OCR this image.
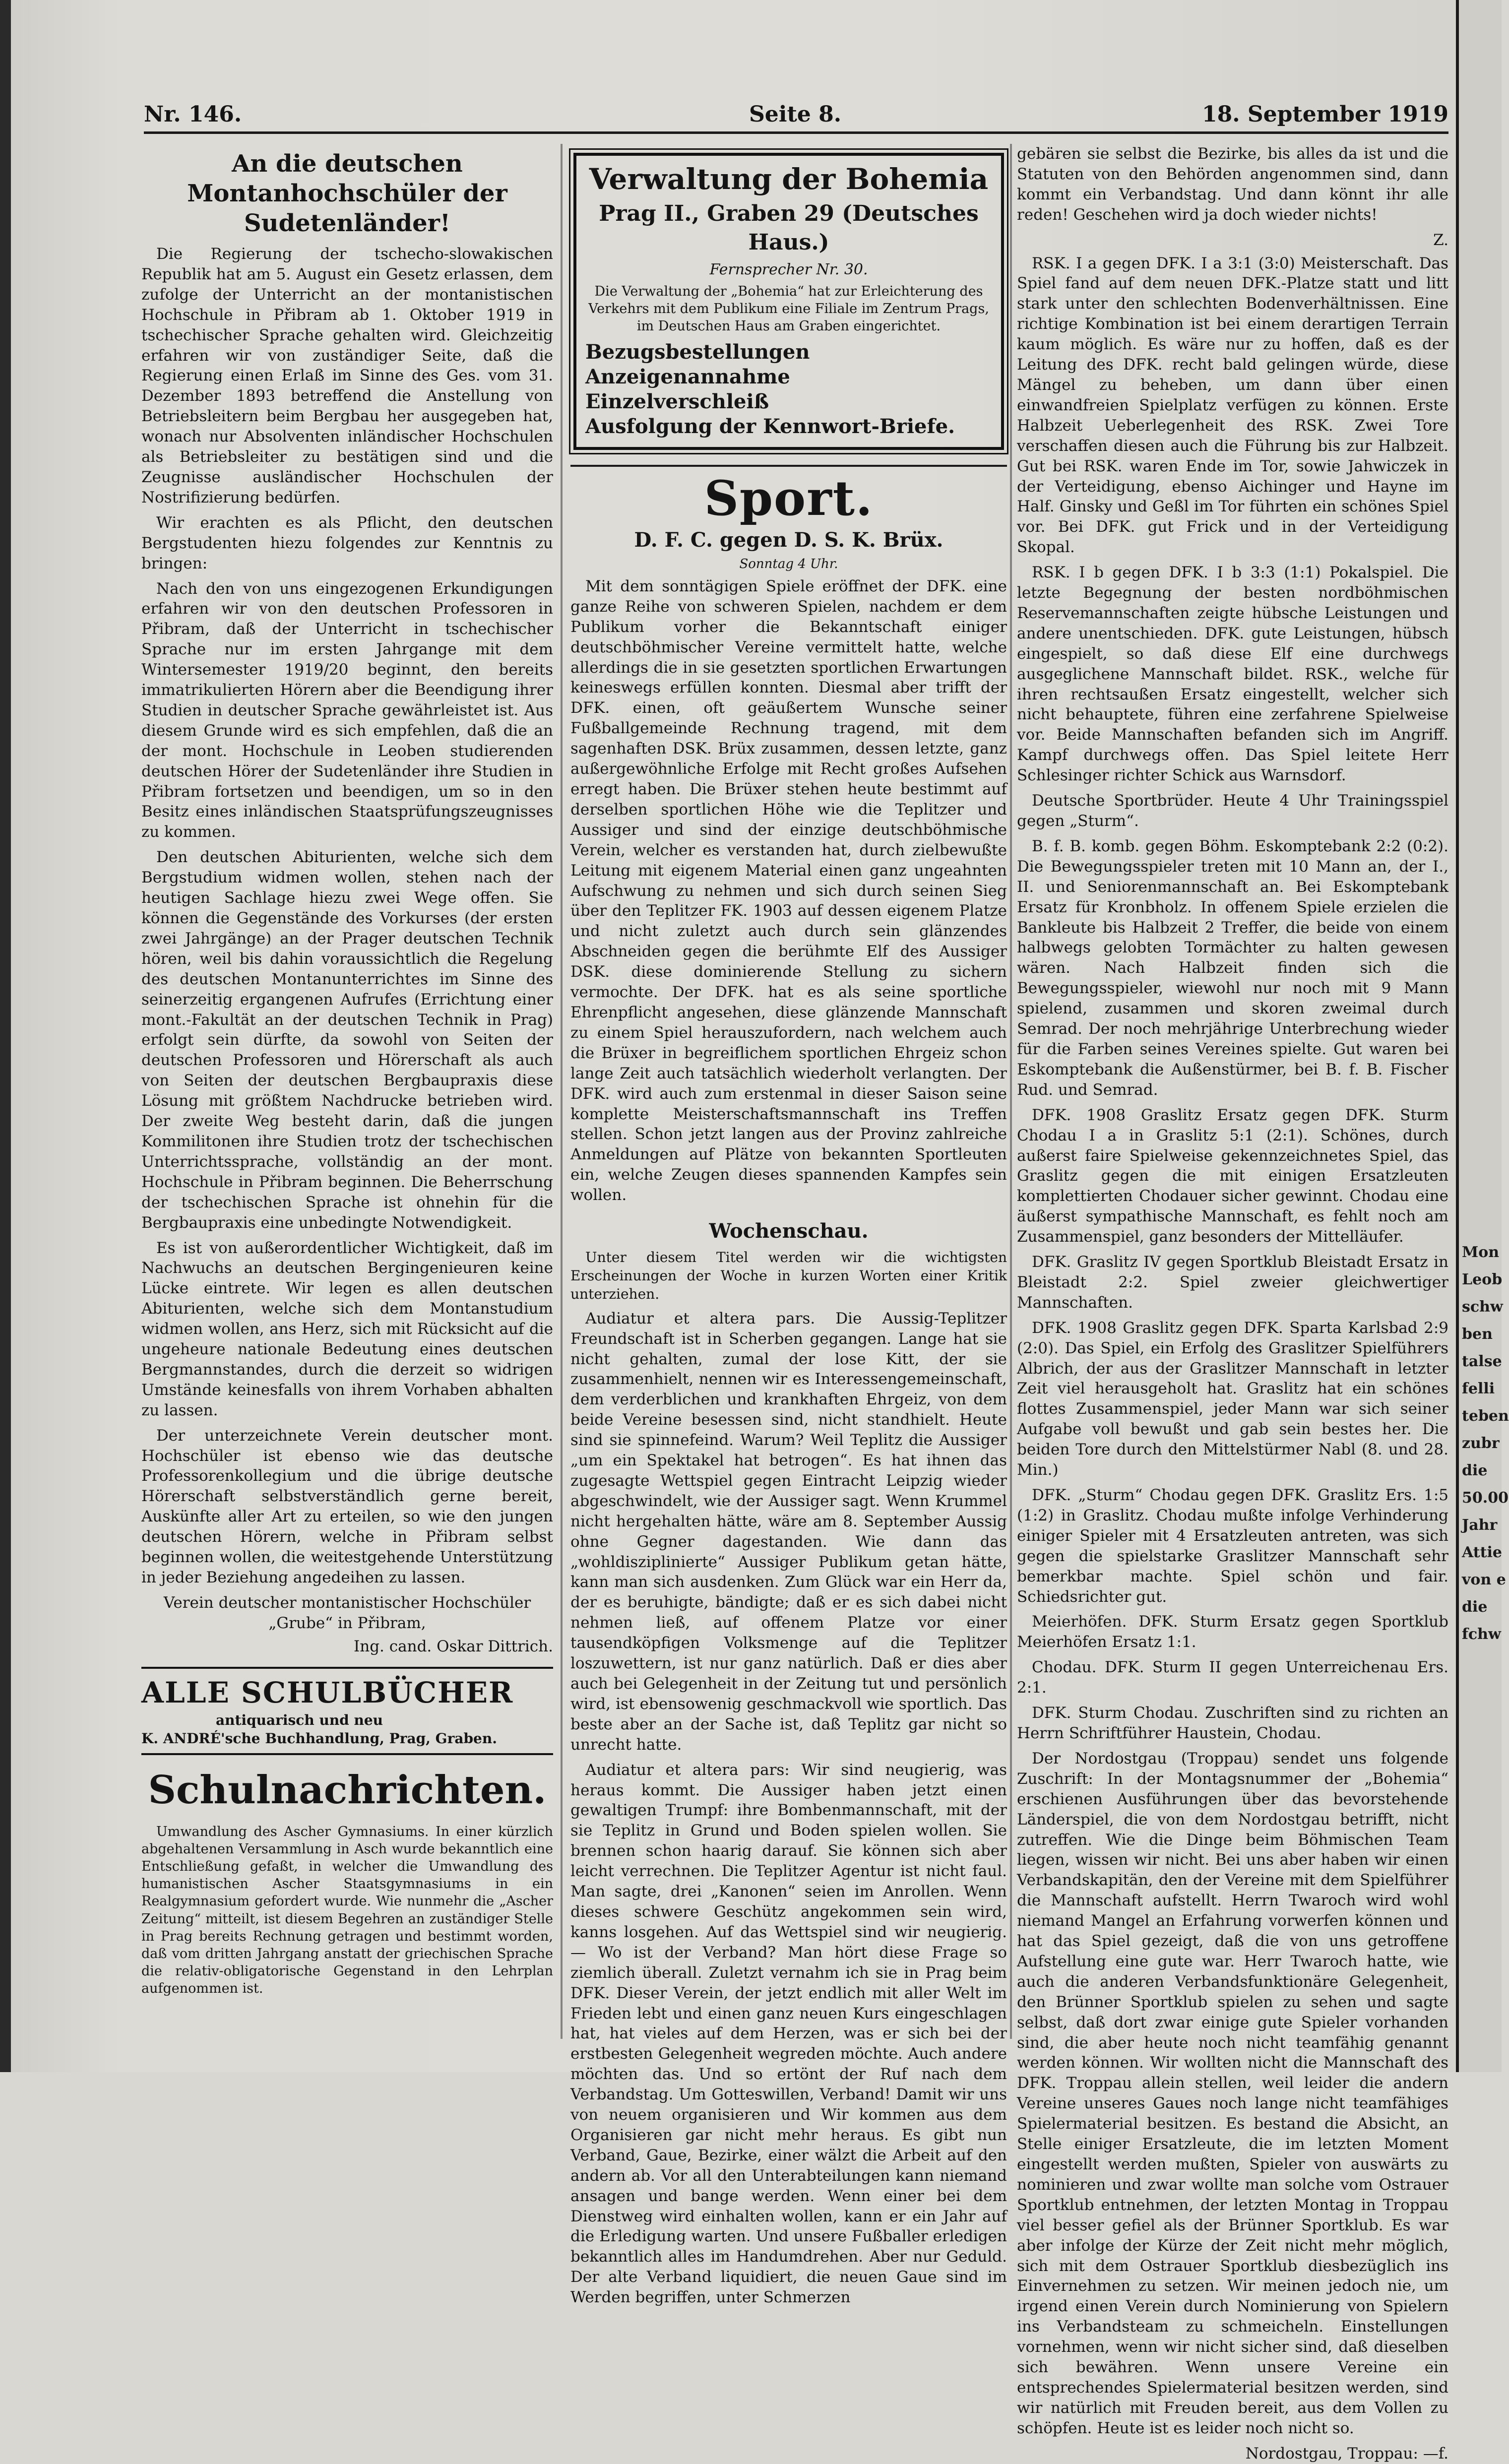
Mon
Leob
schw
ben
talse
felli
teben
zubr
die
50.00
Jahr
Attie
von e
die
fchw
Nr. 146.	Seite 8.	18. September 1919
An die deutschen Montanhochschüler der Sudetenländer!

Die Regierung der tschecho-slowakischen Republik hat am 5. August ein Gesetz erlassen, dem zufolge der Unterricht an der montanistischen Hochschule in Přibram ab 1. Oktober 1919 in tschechischer Sprache gehalten wird. Gleichzeitig erfahren wir von zuständiger Seite, daß die Regierung einen Erlaß im Sinne des Ges. vom 31. Dezember 1893 betreffend die Anstellung von Betriebsleitern beim Bergbau her ausgegeben hat, wonach nur Absolventen inländischer Hochschulen als Betriebsleiter zu bestätigen sind und die Zeugnisse ausländischer Hochschulen der Nostrifizierung bedürfen.

Wir erachten es als Pflicht, den deutschen Bergstudenten hiezu folgendes zur Kenntnis zu bringen:

Nach den von uns eingezogenen Erkundigungen erfahren wir von den deutschen Professoren in Přibram, daß der Unterricht in tschechischer Sprache nur im ersten Jahrgange mit dem Wintersemester 1919/20 beginnt, den bereits immatrikulierten Hörern aber die Beendigung ihrer Studien in deutscher Sprache gewährleistet ist. Aus diesem Grunde wird es sich empfehlen, daß die an der mont. Hochschule in Leoben studierenden deutschen Hörer der Sudetenländer ihre Studien in Přibram fortsetzen und beendigen, um so in den Besitz eines inländischen Staatsprüfungszeugnisses zu kommen.

Den deutschen Abiturienten, welche sich dem Bergstudium widmen wollen, stehen nach der heutigen Sachlage hiezu zwei Wege offen. Sie können die Gegenstände des Vorkurses (der ersten zwei Jahrgänge) an der Prager deutschen Technik hören, weil bis dahin voraussichtlich die Regelung des deutschen Montanunterrichtes im Sinne des seinerzeitig ergangenen Aufrufes (Errichtung einer mont.-Fakultät an der deutschen Technik in Prag) erfolgt sein dürfte, da sowohl von Seiten der deutschen Professoren und Hörerschaft als auch von Seiten der deutschen Bergbaupraxis diese Lösung mit größtem Nachdrucke betrieben wird. Der zweite Weg besteht darin, daß die jungen Kommilitonen ihre Studien trotz der tschechischen Unterrichtssprache, vollständig an der mont. Hochschule in Přibram beginnen. Die Beherrschung der tschechischen Sprache ist ohnehin für die Bergbaupraxis eine unbedingte Notwendigkeit.

Es ist von außerordentlicher Wichtigkeit, daß im Nachwuchs an deutschen Bergingenieuren keine Lücke eintrete. Wir legen es allen deutschen Abiturienten, welche sich dem Montanstudium widmen wollen, ans Herz, sich mit Rücksicht auf die ungeheure nationale Bedeutung eines deutschen Bergmannstandes, durch die derzeit so widrigen Umstände keinesfalls von ihrem Vorhaben abhalten zu lassen.

Der unterzeichnete Verein deutscher mont. Hochschüler ist ebenso wie das deutsche Professorenkollegium und die übrige deutsche Hörerschaft selbstverständlich gerne bereit, Auskünfte aller Art zu erteilen, so wie den jungen deutschen Hörern, welche in Přibram selbst beginnen wollen, die weitestgehende Unterstützung in jeder Beziehung angedeihen zu lassen.

Verein deutscher montanistischer Hochschüler „Grube“ in Přibram,
Ing. cand. Oskar Dittrich.
ALLE SCHULBÜCHER
antiquarisch und neu
K. ANDRÉ'sche Buchhandlung, Prag, Graben.
Schulnachrichten.

Umwandlung des Ascher Gymnasiums. In einer kürzlich abgehaltenen Versammlung in Asch wurde bekanntlich eine Entschließung gefaßt, in welcher die Umwandlung des humanistischen Ascher Staatsgymnasiums in ein Realgymnasium gefordert wurde. Wie nunmehr die „Ascher Zeitung“ mitteilt, ist diesem Begehren an zuständiger Stelle in Prag bereits Rechnung getragen und bestimmt worden, daß vom dritten Jahrgang anstatt der griechischen Sprache die relativ-obligatorische Gegenstand in den Lehrplan aufgenommen ist.

Verwaltung der Bohemia
Prag II., Graben 29 (Deutsches Haus.)
Fernsprecher Nr. 30.
Die Verwaltung der „Bohemia“ hat zur Erleichterung des Verkehrs mit dem Publikum eine Filiale im Zentrum Prags, im Deutschen Haus am Graben eingerichtet.
Bezugsbestellungen
Anzeigenannahme
Einzelverschleiß
Ausfolgung der Kennwort-Briefe.
Sport.
D. F. C. gegen D. S. K. Brüx.
Sonntag 4 Uhr.

Mit dem sonntägigen Spiele eröffnet der DFK. eine ganze Reihe von schweren Spielen, nachdem er dem Publikum vorher die Bekanntschaft einiger deutschböhmischer Vereine vermittelt hatte, welche allerdings die in sie gesetzten sportlichen Erwartungen keineswegs erfüllen konnten. Diesmal aber trifft der DFK. einen, oft geäußertem Wunsche seiner Fußballgemeinde Rechnung tragend, mit dem sagenhaften DSK. Brüx zusammen, dessen letzte, ganz außergewöhnliche Erfolge mit Recht großes Aufsehen erregt haben. Die Brüxer stehen heute bestimmt auf derselben sportlichen Höhe wie die Teplitzer und Aussiger und sind der einzige deutschböhmische Verein, welcher es verstanden hat, durch zielbewußte Leitung mit eigenem Material einen ganz ungeahnten Aufschwung zu nehmen und sich durch seinen Sieg über den Teplitzer FK. 1903 auf dessen eigenem Platze und nicht zuletzt auch durch sein glänzendes Abschneiden gegen die berühmte Elf des Aussiger DSK. diese dominierende Stellung zu sichern vermochte. Der DFK. hat es als seine sportliche Ehrenpflicht angesehen, diese glänzende Mannschaft zu einem Spiel herauszufordern, nach welchem auch die Brüxer in begreiflichem sportlichen Ehrgeiz schon lange Zeit auch tatsächlich wiederholt verlangten. Der DFK. wird auch zum erstenmal in dieser Saison seine komplette Meisterschaftsmannschaft ins Treffen stellen. Schon jetzt langen aus der Provinz zahlreiche Anmeldungen auf Plätze von bekannten Sportleuten ein, welche Zeugen dieses spannenden Kampfes sein wollen.

Wochenschau.

Unter diesem Titel werden wir die wichtigsten Erscheinungen der Woche in kurzen Worten einer Kritik unterziehen.

Audiatur et altera pars. Die Aussig-Teplitzer Freundschaft ist in Scherben gegangen. Lange hat sie nicht gehalten, zumal der lose Kitt, der sie zusammenhielt, nennen wir es Interessengemeinschaft, dem verderblichen und krankhaften Ehrgeiz, von dem beide Vereine besessen sind, nicht standhielt. Heute sind sie spinnefeind. Warum? Weil Teplitz die Aussiger „um ein Spektakel hat betrogen“. Es hat ihnen das zugesagte Wettspiel gegen Eintracht Leipzig wieder abgeschwindelt, wie der Aussiger sagt. Wenn Krummel nicht hergehalten hätte, wäre am 8. September Aussig ohne Gegner dagestanden. Wie dann das „wohldisziplinierte“ Aussiger Publikum getan hätte, kann man sich ausdenken. Zum Glück war ein Herr da, der es beruhigte, bändigte; daß er es sich dabei nicht nehmen ließ, auf offenem Platze vor einer tausendköpfigen Volksmenge auf die Teplitzer loszuwettern, ist nur ganz natürlich. Daß er dies aber auch bei Gelegenheit in der Zeitung tut und persönlich wird, ist ebensowenig geschmackvoll wie sportlich. Das beste aber an der Sache ist, daß Teplitz gar nicht so unrecht hatte.

Audiatur et altera pars: Wir sind neugierig, was heraus kommt. Die Aussiger haben jetzt einen gewaltigen Trumpf: ihre Bombenmannschaft, mit der sie Teplitz in Grund und Boden spielen wollen. Sie brennen schon haarig darauf. Sie können sich aber leicht verrechnen. Die Teplitzer Agentur ist nicht faul. Man sagte, drei „Kanonen“ seien im Anrollen. Wenn dieses schwere Geschütz angekommen sein wird, kanns losgehen. Auf das Wettspiel sind wir neugierig. — Wo ist der Verband? Man hört diese Frage so ziemlich überall. Zuletzt vernahm ich sie in Prag beim DFK. Dieser Verein, der jetzt endlich mit aller Welt im Frieden lebt und einen ganz neuen Kurs eingeschlagen hat, hat vieles auf dem Herzen, was er sich bei der erstbesten Gelegenheit wegreden möchte. Auch andere möchten das. Und so ertönt der Ruf nach dem Verbandstag. Um Gotteswillen, Verband! Damit wir uns von neuem organisieren und Wir kommen aus dem Organisieren gar nicht mehr heraus. Es gibt nun Verband, Gaue, Bezirke, einer wälzt die Arbeit auf den andern ab. Vor all den Unterabteilungen kann niemand ansagen und bange werden. Wenn einer bei dem Dienstweg wird einhalten wollen, kann er ein Jahr auf die Erledigung warten. Und unsere Fußballer erledigen bekanntlich alles im Handumdrehen. Aber nur Geduld. Der alte Verband liquidiert, die neuen Gaue sind im Werden begriffen, unter Schmerzen

gebären sie selbst die Bezirke, bis alles da ist und die Statuten von den Behörden angenommen sind, dann kommt ein Verbandstag. Und dann könnt ihr alle reden! Geschehen wird ja doch wieder nichts!

Z.

RSK. I a gegen DFK. I a 3:1 (3:0) Meisterschaft. Das Spiel fand auf dem neuen DFK.-Platze statt und litt stark unter den schlechten Bodenverhältnissen. Eine richtige Kombination ist bei einem derartigen Terrain kaum möglich. Es wäre nur zu hoffen, daß es der Leitung des DFK. recht bald gelingen würde, diese Mängel zu beheben, um dann über einen einwandfreien Spielplatz verfügen zu können. Erste Halbzeit Ueberlegenheit des RSK. Zwei Tore verschaffen diesen auch die Führung bis zur Halbzeit. Gut bei RSK. waren Ende im Tor, sowie Jahwiczek in der Verteidigung, ebenso Aichinger und Hayne im Half. Ginsky und Geßl im Tor führten ein schönes Spiel vor. Bei DFK. gut Frick und in der Verteidigung Skopal.

RSK. I b gegen DFK. I b 3:3 (1:1) Pokalspiel. Die letzte Begegnung der besten nordböhmischen Reservemannschaften zeigte hübsche Leistungen und andere unentschieden. DFK. gute Leistungen, hübsch eingespielt, so daß diese Elf eine durchwegs ausgeglichene Mannschaft bildet. RSK., welche für ihren rechtsaußen Ersatz eingestellt, welcher sich nicht behauptete, führen eine zerfahrene Spielweise vor. Beide Mannschaften befanden sich im Angriff. Kampf durchwegs offen. Das Spiel leitete Herr Schlesinger richter Schick aus Warnsdorf.

Deutsche Sportbrüder. Heute 4 Uhr Trainingsspiel gegen „Sturm“.

B. f. B. komb. gegen Böhm. Eskomptebank 2:2 (0:2). Die Bewegungsspieler treten mit 10 Mann an, der I., II. und Seniorenmannschaft an. Bei Eskomptebank Ersatz für Kronbholz. In offenem Spiele erzielen die Bankleute bis Halbzeit 2 Treffer, die beide von einem halbwegs gelobten Tormächter zu halten gewesen wären. Nach Halbzeit finden sich die Bewegungsspieler, wiewohl nur noch mit 9 Mann spielend, zusammen und skoren zweimal durch Semrad. Der noch mehrjährige Unterbrechung wieder für die Farben seines Vereines spielte. Gut waren bei Eskomptebank die Außenstürmer, bei B. f. B. Fischer Rud. und Semrad.

DFK. 1908 Graslitz Ersatz gegen DFK. Sturm Chodau I a in Graslitz 5:1 (2:1). Schönes, durch außerst faire Spielweise gekennzeichnetes Spiel, das Graslitz gegen die mit einigen Ersatzleuten komplettierten Chodauer sicher gewinnt. Chodau eine äußerst sympathische Mannschaft, es fehlt noch am Zusammenspiel, ganz besonders der Mittelläufer.

DFK. Graslitz IV gegen Sportklub Bleistadt Ersatz in Bleistadt 2:2. Spiel zweier gleichwertiger Mannschaften.

DFK. 1908 Graslitz gegen DFK. Sparta Karlsbad 2:9 (2:0). Das Spiel, ein Erfolg des Graslitzer Spielführers Albrich, der aus der Graslitzer Mannschaft in letzter Zeit viel herausgeholt hat. Graslitz hat ein schönes flottes Zusammenspiel, jeder Mann war sich seiner Aufgabe voll bewußt und gab sein bestes her. Die beiden Tore durch den Mittelstürmer Nabl (8. und 28. Min.)

DFK. „Sturm“ Chodau gegen DFK. Graslitz Ers. 1:5 (1:2) in Graslitz. Chodau mußte infolge Verhinderung einiger Spieler mit 4 Ersatzleuten antreten, was sich gegen die spielstarke Graslitzer Mannschaft sehr bemerkbar machte. Spiel schön und fair. Schiedsrichter gut.

Meierhöfen. DFK. Sturm Ersatz gegen Sportklub Meierhöfen Ersatz 1:1.

Chodau. DFK. Sturm II gegen Unterreichenau Ers. 2:1.

DFK. Sturm Chodau. Zuschriften sind zu richten an Herrn Schriftführer Haustein, Chodau.

Der Nordostgau (Troppau) sendet uns folgende Zuschrift: In der Montagsnummer der „Bohemia“ erschienen Ausführungen über das bevorstehende Länderspiel, die von dem Nordostgau betrifft, nicht zutreffen. Wie die Dinge beim Böhmischen Team liegen, wissen wir nicht. Bei uns aber haben wir einen Verbandskapitän, den der Vereine mit dem Spielführer die Mannschaft aufstellt. Herrn Twaroch wird wohl niemand Mangel an Erfahrung vorwerfen können und hat das Spiel gezeigt, daß die von uns getroffene Aufstellung eine gute war. Herr Twaroch hatte, wie auch die anderen Verbandsfunktionäre Gelegenheit, den Brünner Sportklub spielen zu sehen und sagte selbst, daß dort zwar einige gute Spieler vorhanden sind, die aber heute noch nicht teamfähig genannt werden können. Wir wollten nicht die Mannschaft des DFK. Troppau allein stellen, weil leider die andern Vereine unseres Gaues noch lange nicht teamfähiges Spielermaterial besitzen. Es bestand die Absicht, an Stelle einiger Ersatzleute, die im letzten Moment eingestellt werden mußten, Spieler von auswärts zu nominieren und zwar wollte man solche vom Ostrauer Sportklub entnehmen, der letzten Montag in Troppau viel besser gefiel als der Brünner Sportklub. Es war aber infolge der Kürze der Zeit nicht mehr möglich, sich mit dem Ostrauer Sportklub diesbezüglich ins Einvernehmen zu setzen. Wir meinen jedoch nie, um irgend einen Verein durch Nominierung von Spielern ins Verbandsteam zu schmeicheln. Einstellungen vornehmen, wenn wir nicht sicher sind, daß dieselben sich bewähren. Wenn unsere Vereine ein entsprechendes Spielermaterial besitzen werden, sind wir natürlich mit Freuden bereit, aus dem Vollen zu schöpfen. Heute ist es leider noch nicht so.

Nordostgau, Troppau: —f.
